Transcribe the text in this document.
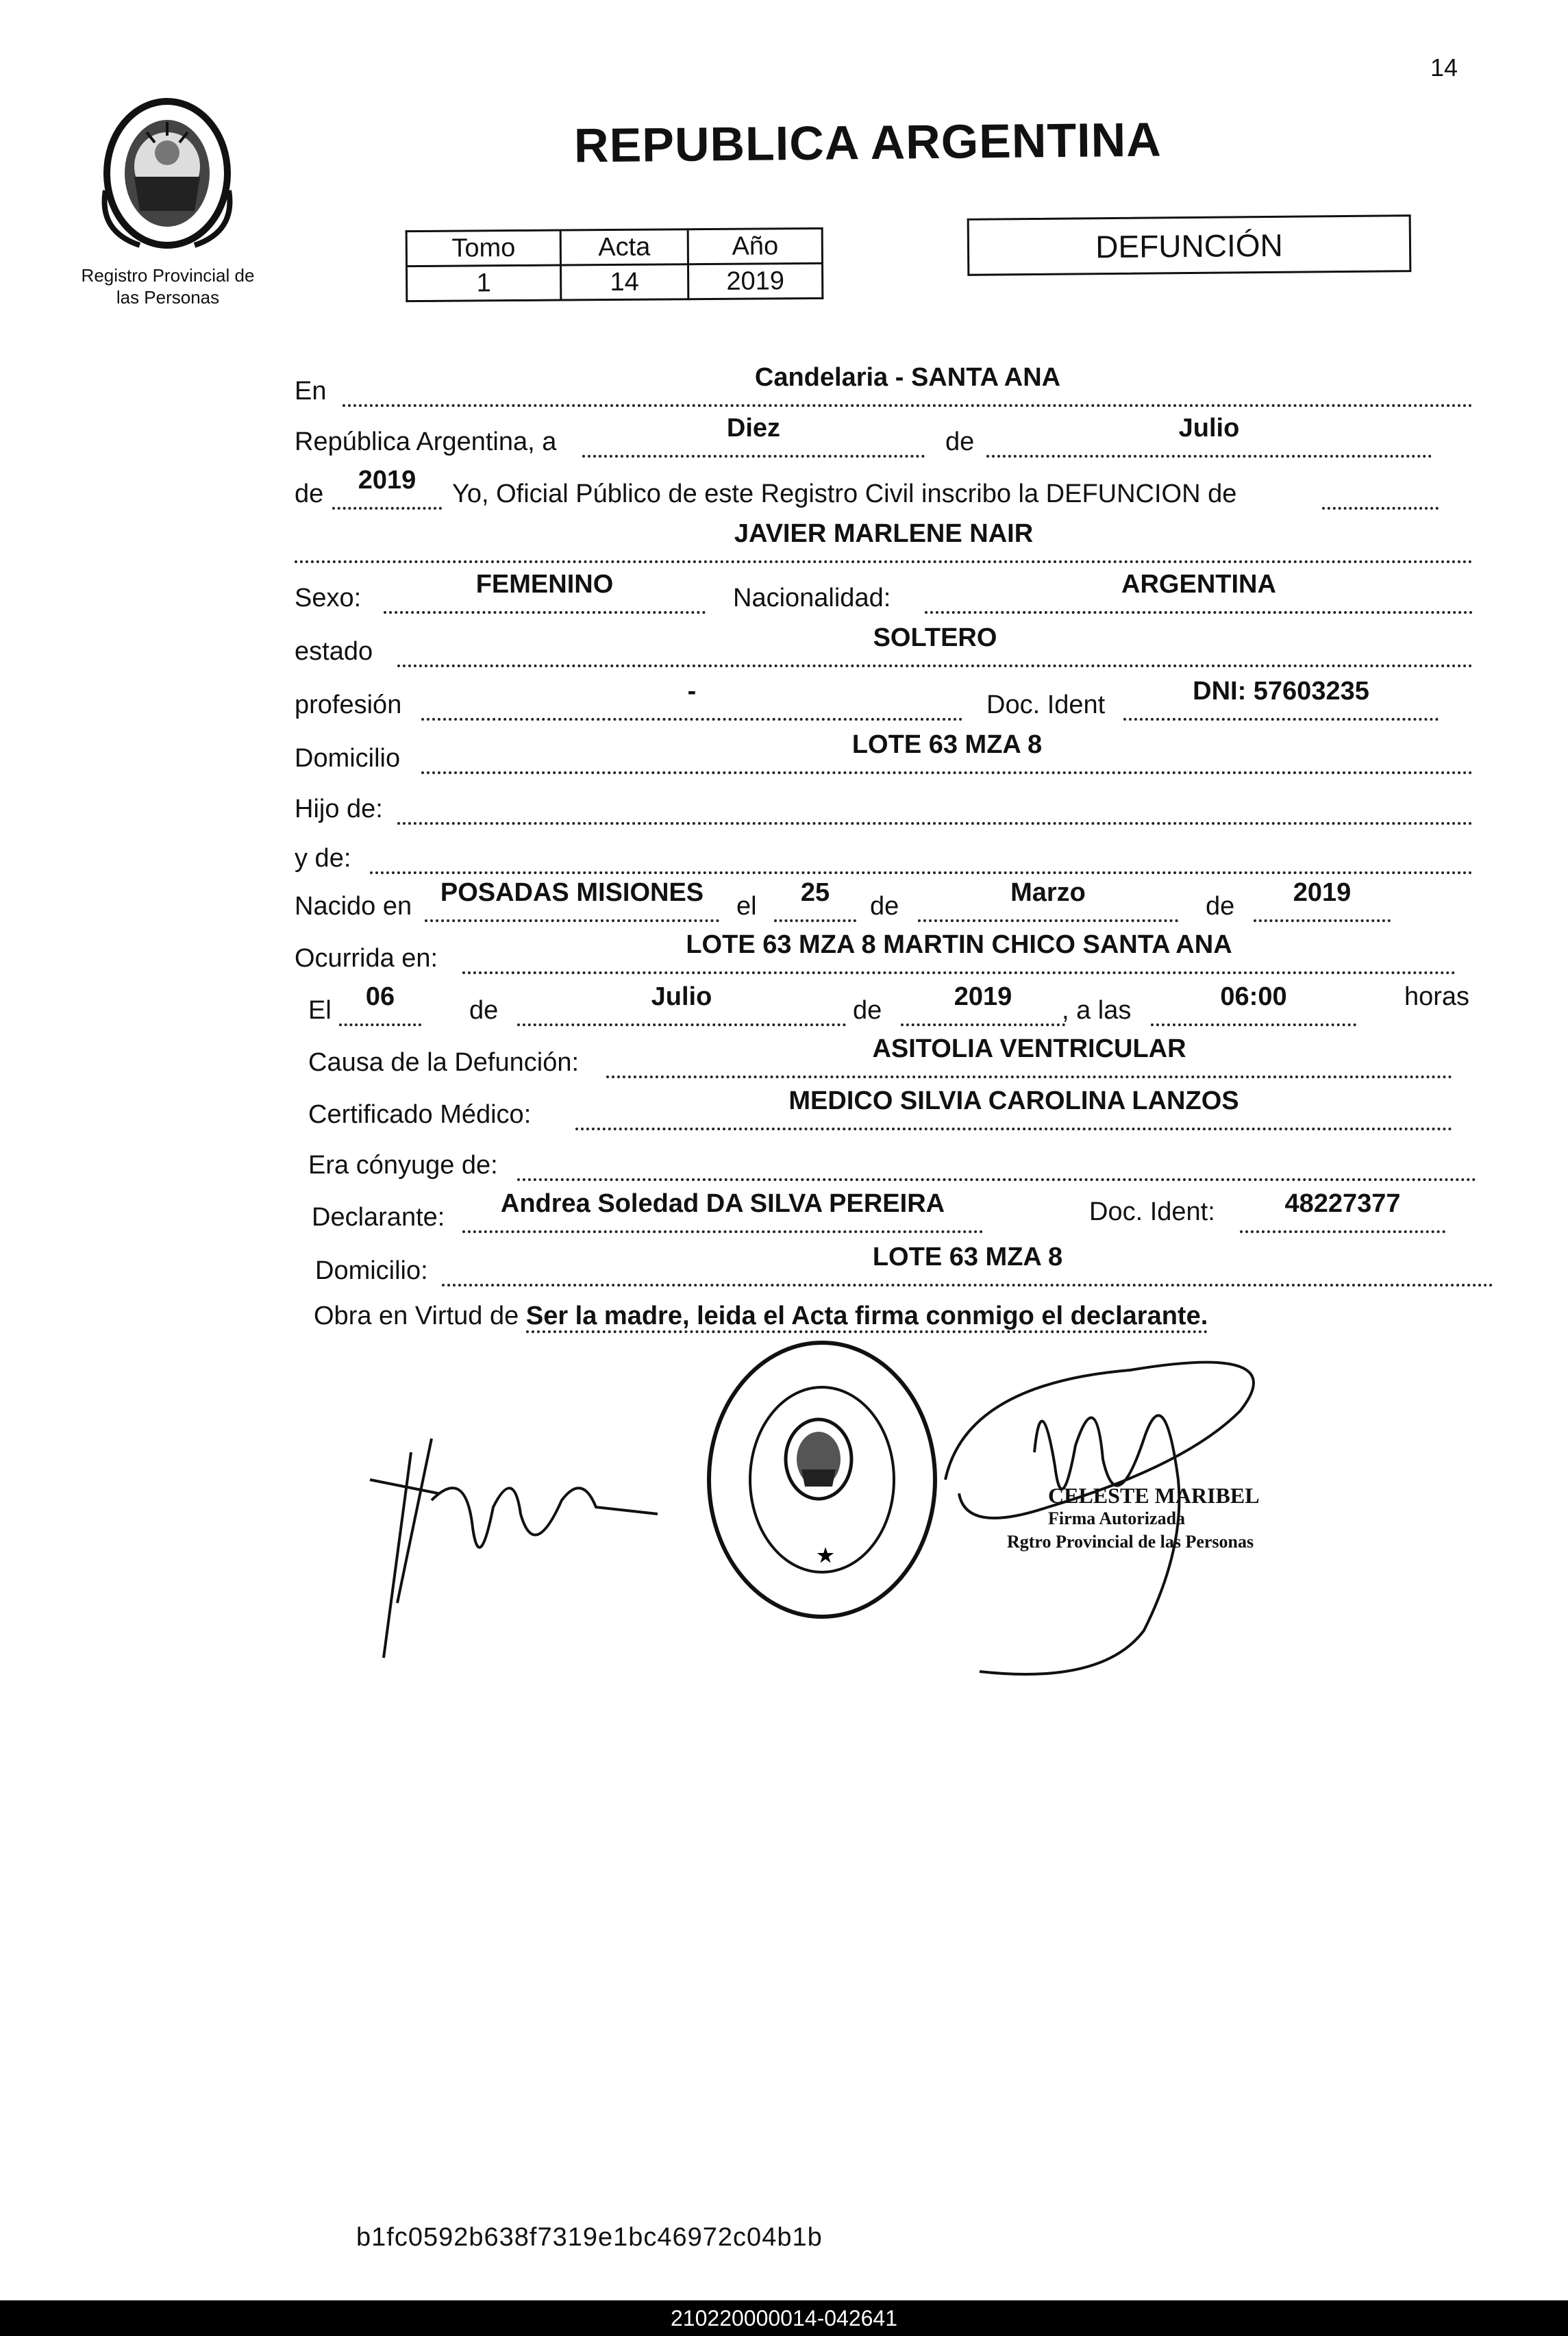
14
Registro Provincial de
las Personas
REPUBLICA ARGENTINA
Tomo	Acta	Año
1	14	2019
DEFUNCIÓN
En	Candelaria - SANTA ANA
República Argentina, a	Diez	de	Julio
de	2019	Yo, Oficial Público de este Registro Civil inscribo la DEFUNCION de
JAVIER MARLENE NAIR
Sexo:	FEMENINO	Nacionalidad:	ARGENTINA
estado	SOLTERO
profesión	-	Doc. Ident	DNI: 57603235
Domicilio	LOTE 63 MZA 8
Hijo de:
y de:
Nacido en	POSADAS MISIONES	el	25	de	Marzo	de	2019
Ocurrida en:	LOTE 63 MZA 8 MARTIN CHICO SANTA ANA
El	06	de	Julio	de	2019	, a las	06:00	horas
Causa de la Defunción:	ASITOLIA VENTRICULAR
Certificado Médico:	MEDICO SILVIA CAROLINA LANZOS
Era cónyuge de:
Declarante:	Andrea Soledad DA SILVA PEREIRA	Doc. Ident:	48227377
Domicilio:	LOTE 63 MZA 8
Obra en Virtud de Ser la madre, leida el Acta firma conmigo el declarante.
★
CELESTE MARIBEL
Firma Autorizada
Rgtro Provincial de las Personas
b1fc0592b638f7319e1bc46972c04b1b
210220000014-042641
